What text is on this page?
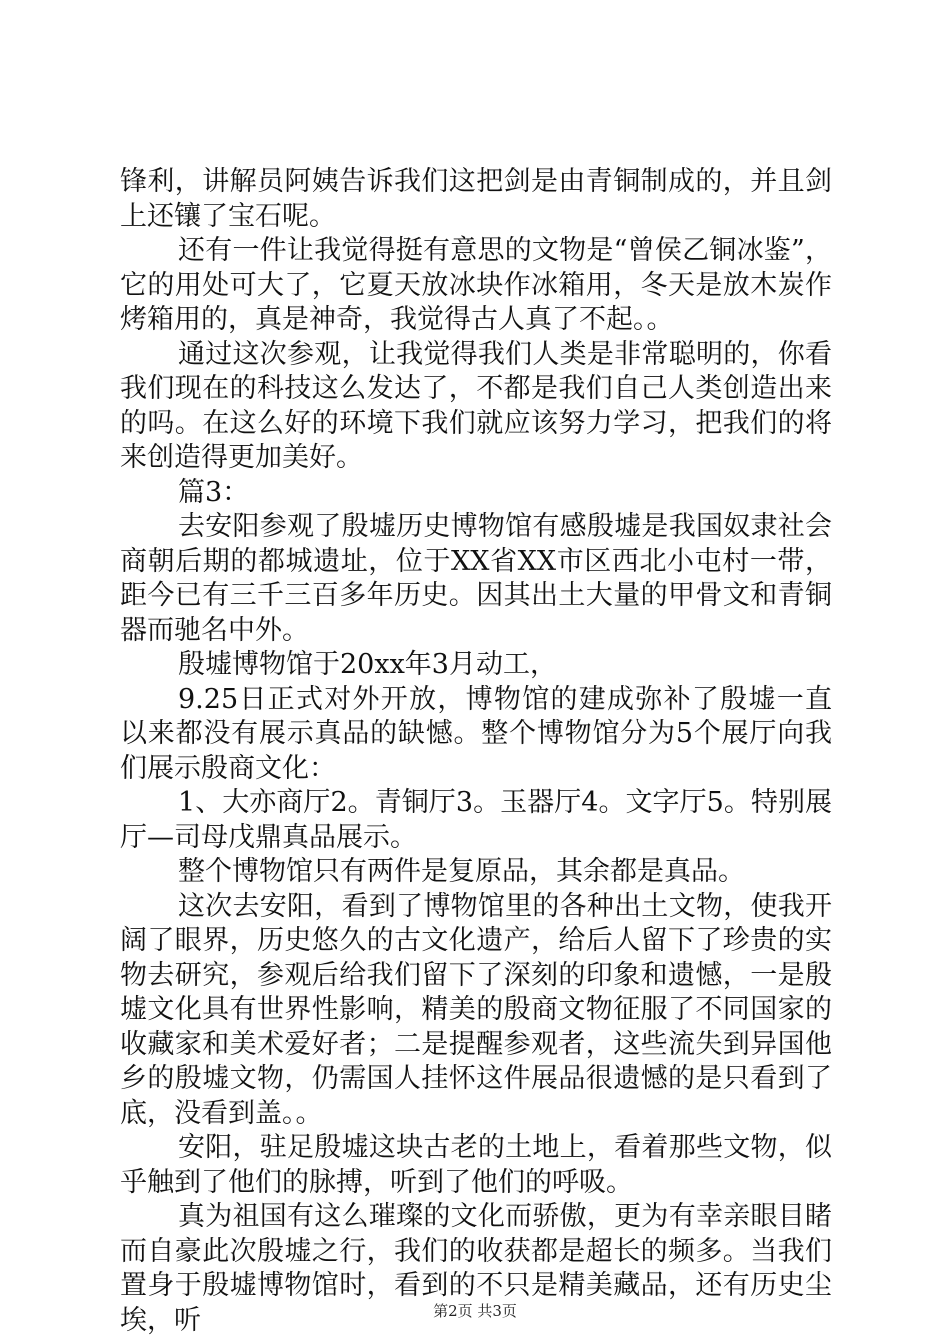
锋利，讲解员阿姨告诉我们这把剑是由青铜制成的，并且剑上还镶了宝石呢。

还有一件让我觉得挺有意思的文物是“曾侯乙铜冰鉴”，它的用处可大了，它夏天放冰块作冰箱用，冬天是放木炭作烤箱用的，真是神奇，我觉得古人真了不起。。

通过这次参观，让我觉得我们人类是非常聪明的，你看我们现在的科技这么发达了，不都是我们自己人类创造出来的吗。在这么好的环境下我们就应该努力学习，把我们的将来创造得更加美好。

篇3：

去安阳参观了殷墟历史博物馆有感殷墟是我国奴隶社会商朝后期的都城遗址，位于XX省XX市区西北小屯村一带，距今已有三千三百多年历史。因其出土大量的甲骨文和青铜器而驰名中外。

殷墟博物馆于20xx年3月动工，

9.25日正式对外开放，博物馆的建成弥补了殷墟一直以来都没有展示真品的缺憾。整个博物馆分为5个展厅向我们展示殷商文化：

1、大亦商厅2。青铜厅3。玉器厅4。文字厅5。特别展厅—司母戊鼎真品展示。

整个博物馆只有两件是复原品，其余都是真品。

这次去安阳，看到了博物馆里的各种出土文物，使我开阔了眼界，历史悠久的古文化遗产，给后人留下了珍贵的实物去研究，参观后给我们留下了深刻的印象和遗憾，一是殷墟文化具有世界性影响，精美的殷商文物征服了不同国家的收藏家和美术爱好者；二是提醒参观者，这些流失到异国他乡的殷墟文物，仍需国人挂怀这件展品很遗憾的是只看到了底，没看到盖。。

安阳，驻足殷墟这块古老的土地上，看着那些文物，似乎触到了他们的脉搏，听到了他们的呼吸。

真为祖国有这么璀璨的文化而骄傲，更为有幸亲眼目睹而自豪此次殷墟之行，我们的收获都是超长的频多。当我们置身于殷墟博物馆时，看到的不只是精美藏品，还有历史尘埃，听	第2页 共3页
